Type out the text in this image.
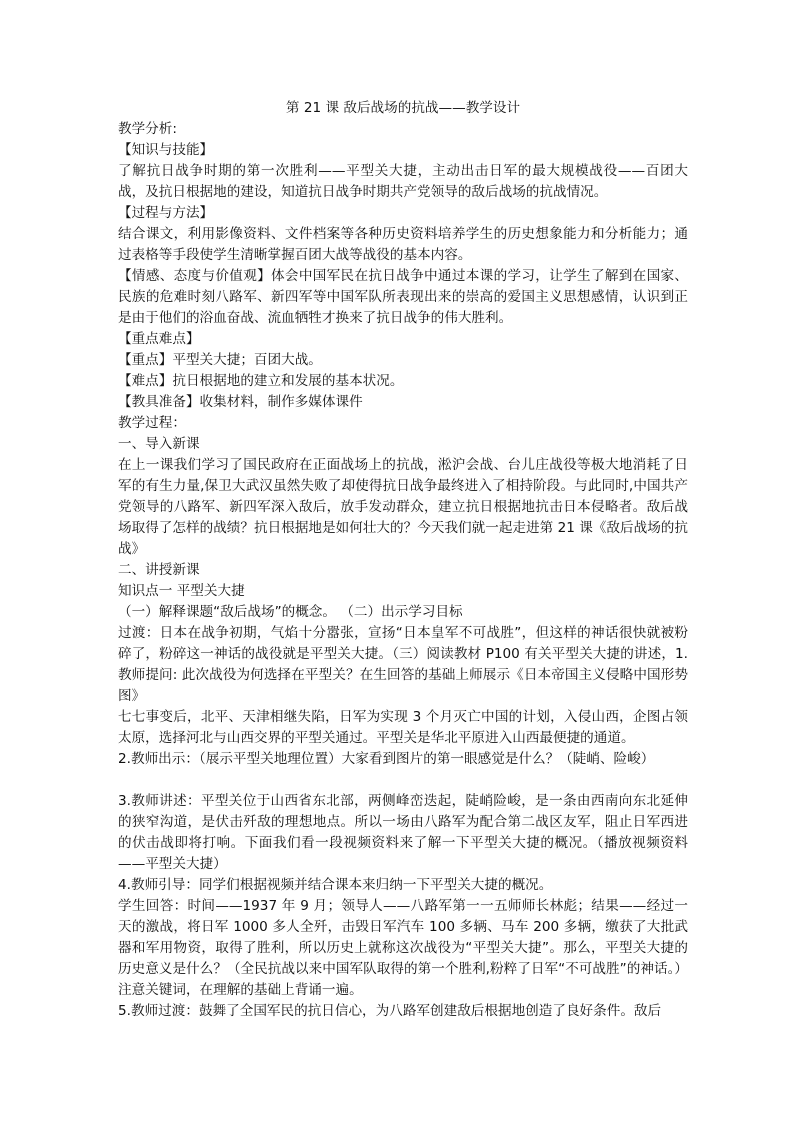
第 21 课 敌后战场的抗战——教学设计

教学分析:

【知识与技能】

了解抗日战争时期的第一次胜利——平型关大捷，主动出击日军的最大规模战役——百团大战，及抗日根据地的建设，知道抗日战争时期共产党领导的敌后战场的抗战情况。

【过程与方法】

结合课文，利用影像资料、文件档案等各种历史资料培养学生的历史想象能力和分析能力；通过表格等手段使学生清晰掌握百团大战等战役的基本内容。

【情感、态度与价值观】体会中国军民在抗日战争中通过本课的学习，让学生了解到在国家、民族的危难时刻八路军、新四军等中国军队所表现出来的崇高的爱国主义思想感情，认识到正是由于他们的浴血奋战、流血牺牲才换来了抗日战争的伟大胜利。

【重点难点】

【重点】平型关大捷；百团大战。

【难点】抗日根据地的建立和发展的基本状况。

【教具准备】收集材料，制作多媒体课件

教学过程：

一、导入新课

在上一课我们学习了国民政府在正面战场上的抗战，淞沪会战、台儿庄战役等极大地消耗了日军的有生力量,保卫大武汉虽然失败了却使得抗日战争最终进入了相持阶段。与此同时,中国共产党领导的八路军、新四军深入敌后，放手发动群众，建立抗日根据地抗击日本侵略者。敌后战场取得了怎样的战绩？抗日根据地是如何壮大的？今天我们就一起走进第 21 课《敌后战场的抗战》

二、讲授新课

知识点一 平型关大捷

（一）解释课题“敌后战场”的概念。 （二）出示学习目标

过渡：日本在战争初期，气焰十分嚣张，宣扬“日本皇军不可战胜”，但这样的神话很快就被粉碎了，粉碎这一神话的战役就是平型关大捷。（三）阅读教材 P100 有关平型关大捷的讲述，1.教师提问: 此次战役为何选择在平型关？在生回答的基础上师展示《日本帝国主义侵略中国形势图》

七七事变后，北平、天津相继失陷，日军为实现 3 个月灭亡中国的计划，入侵山西，企图占领太原，选择河北与山西交界的平型关通过。平型关是华北平原进入山西最便捷的通道。

2.教师出示：（展示平型关地理位置）大家看到图片的第一眼感觉是什么？（陡峭、险峻）

3.教师讲述：平型关位于山西省东北部，两侧峰峦迭起，陡峭险峻，是一条由西南向东北延伸的狭窄沟道，是伏击歼敌的理想地点。所以一场由八路军为配合第二战区友军，阻止日军西进的伏击战即将打响。下面我们看一段视频资料来了解一下平型关大捷的概况。（播放视频资料——平型关大捷）

4.教师引导：同学们根据视频并结合课本来归纳一下平型关大捷的概况。

学生回答：时间——1937 年 9 月；领导人——八路军第一一五师师长林彪；结果——经过一天的激战，将日军 1000 多人全歼，击毁日军汽车 100 多辆、马车 200 多辆，缴获了大批武器和军用物资，取得了胜利，所以历史上就称这次战役为“平型关大捷”。那么，平型关大捷的历史意义是什么？（全民抗战以来中国军队取得的第一个胜利,粉粹了日军“不可战胜”的神话。）注意关键词，在理解的基础上背诵一遍。

5.教师过渡：鼓舞了全国军民的抗日信心，为八路军创建敌后根据地创造了良好条件。敌后
